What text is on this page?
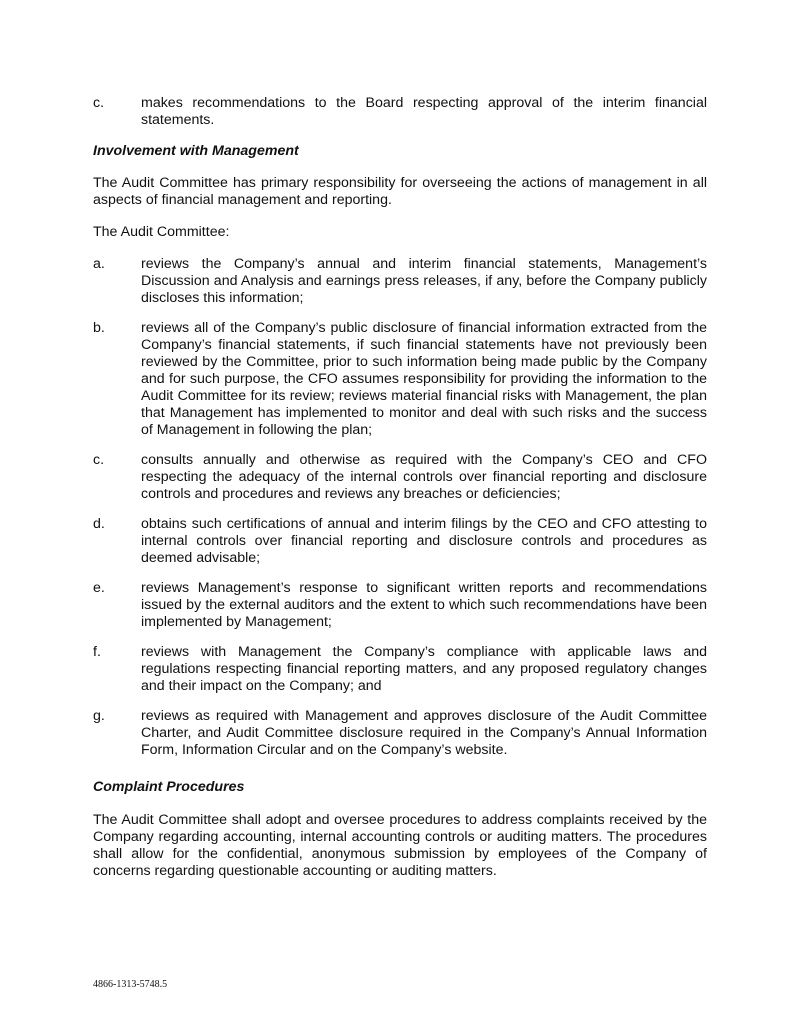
c.	makes recommendations to the Board respecting approval of the interim financial statements.
Involvement with Management
The Audit Committee has primary responsibility for overseeing the actions of management in all aspects of financial management and reporting.
The Audit Committee:
a.	reviews the Company’s annual and interim financial statements, Management’s Discussion and Analysis and earnings press releases, if any, before the Company publicly discloses this information;
b.	reviews all of the Company’s public disclosure of financial information extracted from the Company’s financial statements, if such financial statements have not previously been reviewed by the Committee, prior to such information being made public by the Company and for such purpose, the CFO assumes responsibility for providing the information to the Audit Committee for its review; reviews material financial risks with Management, the plan that Management has implemented to monitor and deal with such risks and the success of Management in following the plan;
c.	consults annually and otherwise as required with the Company’s CEO and CFO respecting the adequacy of the internal controls over financial reporting and disclosure controls and procedures and reviews any breaches or deficiencies;
d.	obtains such certifications of annual and interim filings by the CEO and CFO attesting to internal controls over financial reporting and disclosure controls and procedures as deemed advisable;
e.	reviews Management’s response to significant written reports and recommendations issued by the external auditors and the extent to which such recommendations have been implemented by Management;
f.	reviews with Management the Company’s compliance with applicable laws and regulations respecting financial reporting matters, and any proposed regulatory changes and their impact on the Company; and
g.	reviews as required with Management and approves disclosure of the Audit Committee Charter, and Audit Committee disclosure required in the Company’s Annual Information Form, Information Circular and on the Company’s website.
Complaint Procedures
The Audit Committee shall adopt and oversee procedures to address complaints received by the Company regarding accounting, internal accounting controls or auditing matters. The procedures shall allow for the confidential, anonymous submission by employees of the Company of concerns regarding questionable accounting or auditing matters.
4866-1313-5748.5
